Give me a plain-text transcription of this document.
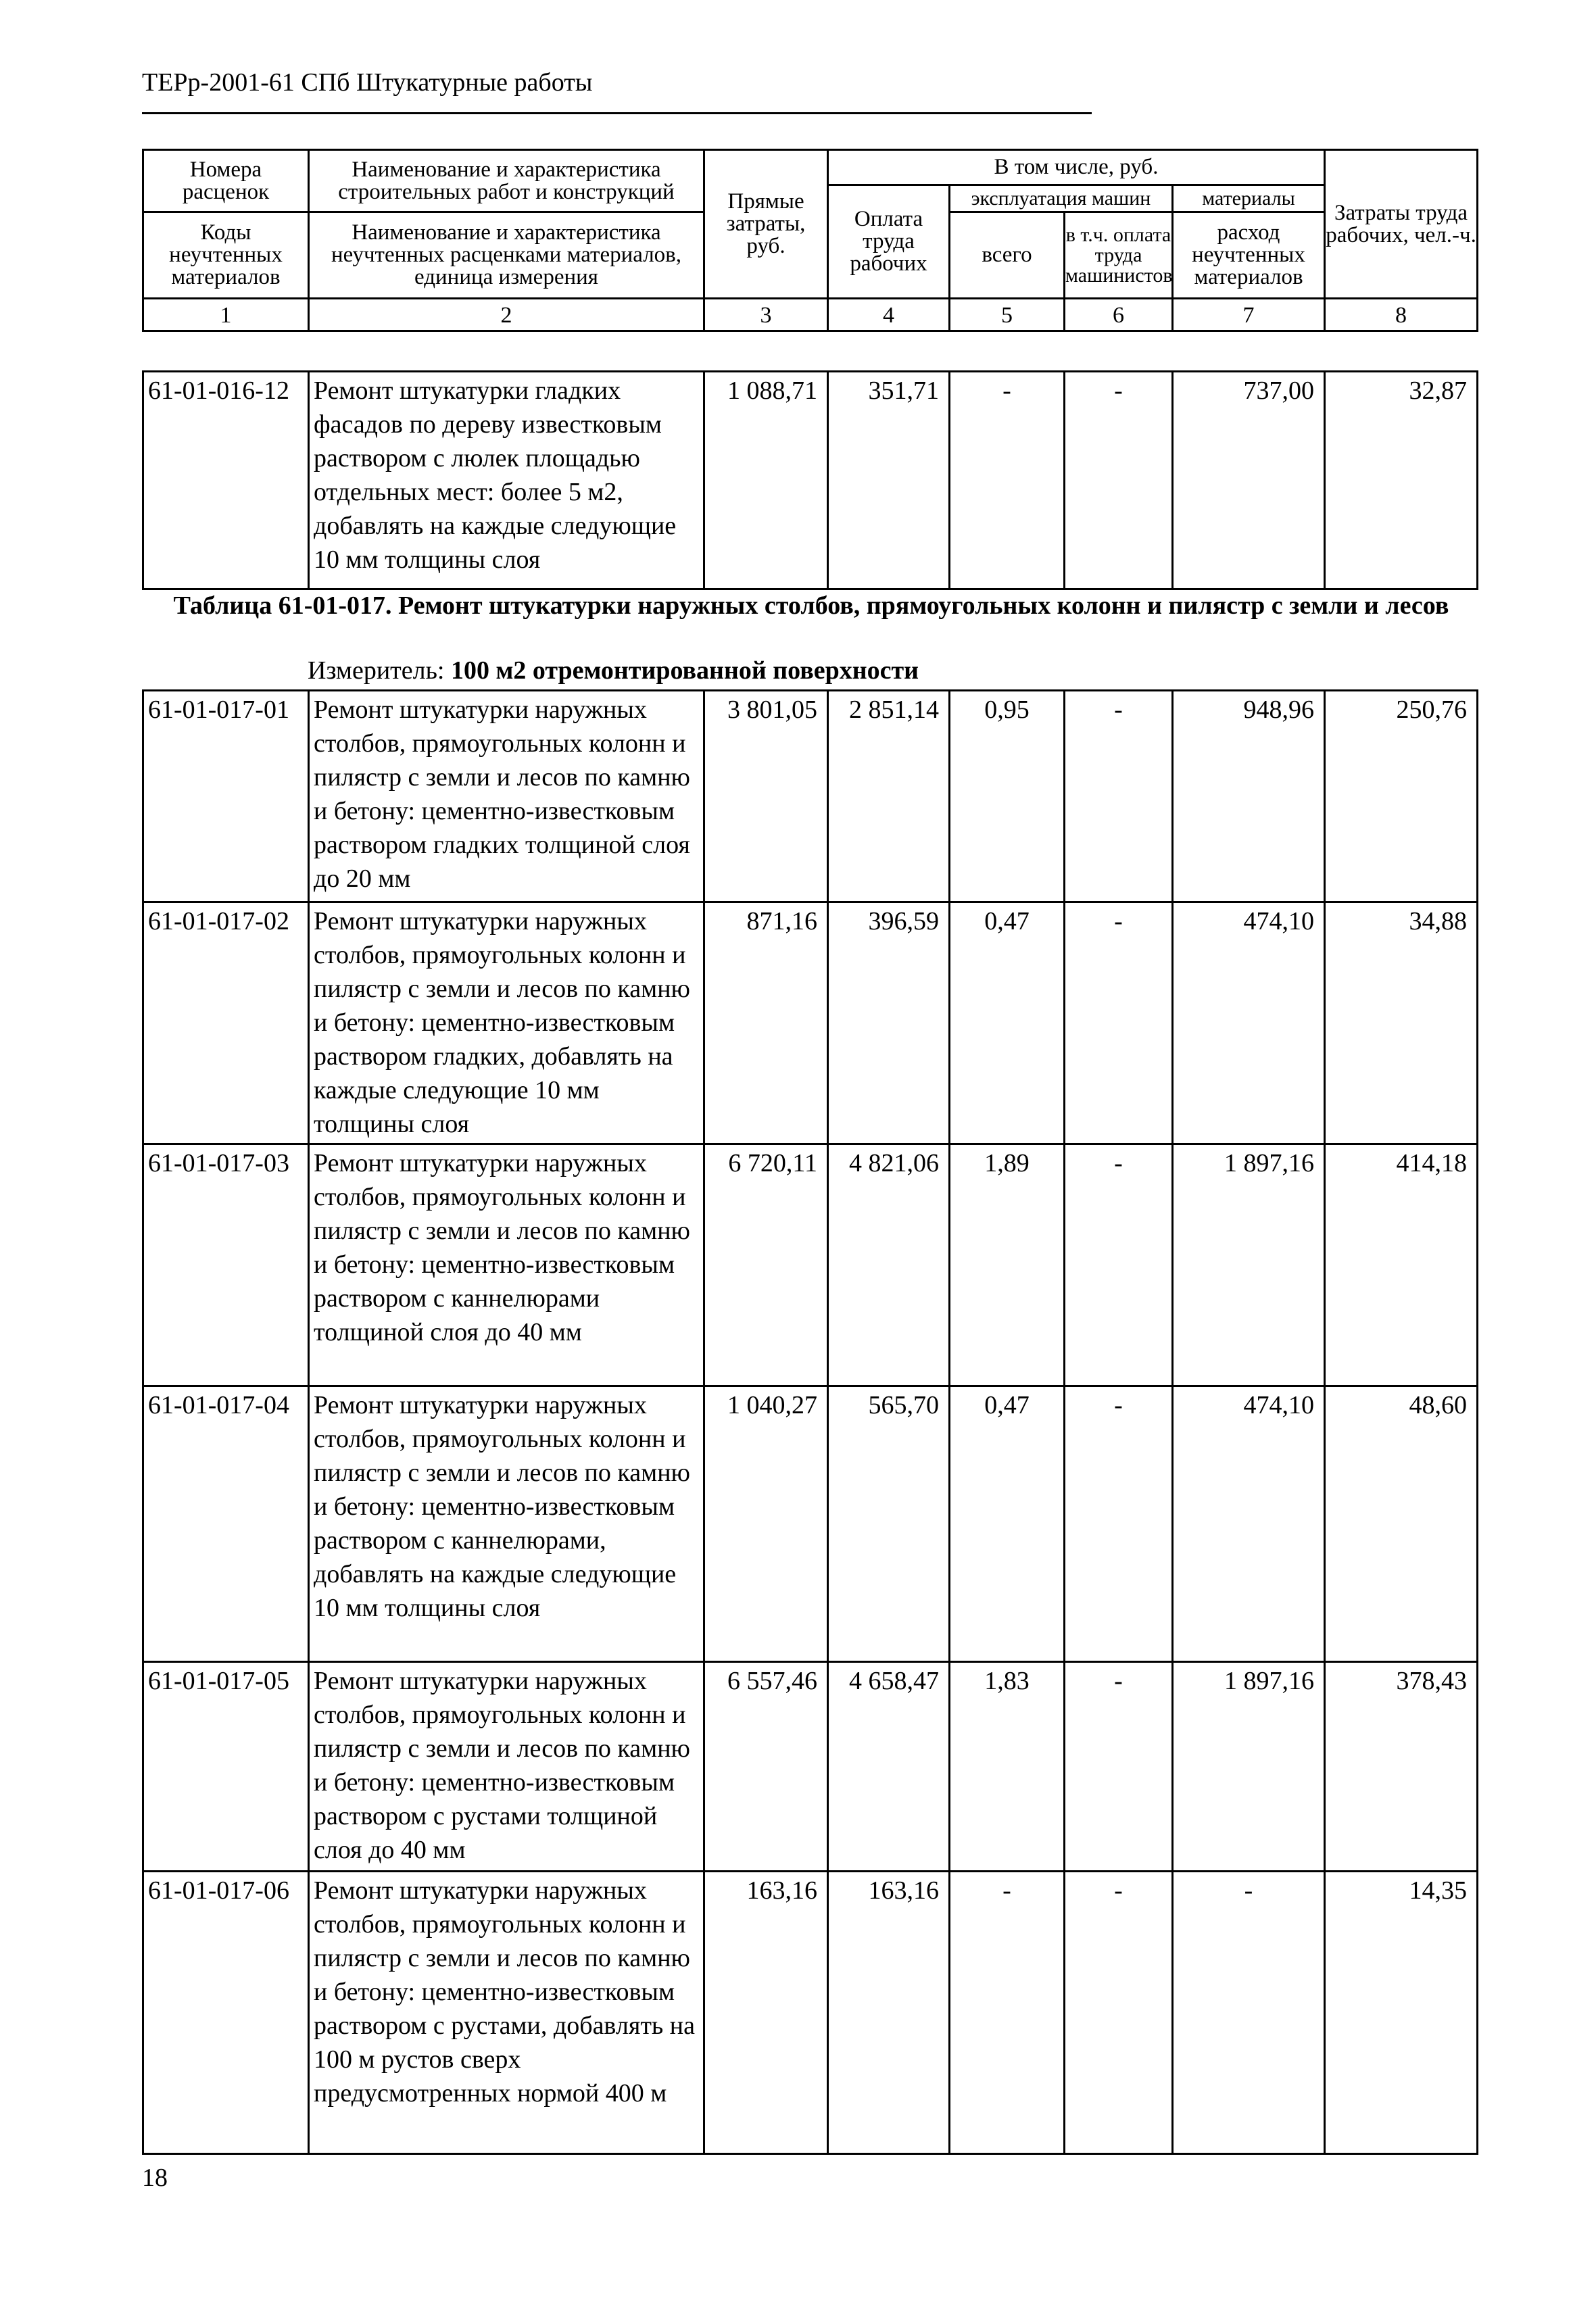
ТЕРр-2001-61 СПб Штукатурные работы
Номера расценок	Наименование и характеристика строительных работ и конструкций	Прямые затраты, руб.	В том числе, руб.				Затраты труда рабочих, чел.-ч.
			Оплата труда рабочих	эксплуатация машин		материалы	
Коды неучтенных материалов	Наименование и характеристика неучтенных расценками материалов, единица измерения			всего	в т.ч. оплата труда машинистов	расход неучтенных материалов	

1	2	3	4	5	6	7	8
61-01-016-12	Ремонт штукатурки гладких фасадов по дереву известковым раствором с люлек площадью отдельных мест: более 5 м2, добавлять на каждые следующие 10 мм толщины слоя	1 088,71	351,71	-	-	737,00	32,87
Таблица 61-01-017. Ремонт штукатурки наружных столбов, прямоугольных колонн и пилястр с земли и лесов
Измеритель: 100 м2 отремонтированной поверхности
61-01-017-01	Ремонт штукатурки наружных столбов, прямоугольных колонн и пилястр с земли и лесов по камню и бетону: цементно-известковым раствором гладких толщиной слоя до 20 мм	3 801,05	2 851,14	0,95	-	948,96	250,76
61-01-017-02	Ремонт штукатурки наружных столбов, прямоугольных колонн и пилястр с земли и лесов по камню и бетону: цементно-известковым раствором гладких, добавлять на каждые следующие 10 мм толщины слоя	871,16	396,59	0,47	-	474,10	34,88
61-01-017-03	Ремонт штукатурки наружных столбов, прямоугольных колонн и пилястр с земли и лесов по камню и бетону: цементно-известковым раствором с каннелюрами толщиной слоя до 40 мм	6 720,11	4 821,06	1,89	-	1 897,16	414,18
61-01-017-04	Ремонт штукатурки наружных столбов, прямоугольных колонн и пилястр с земли и лесов по камню и бетону: цементно-известковым раствором с каннелюрами, добавлять на каждые следующие 10 мм толщины слоя	1 040,27	565,70	0,47	-	474,10	48,60
61-01-017-05	Ремонт штукатурки наружных столбов, прямоугольных колонн и пилястр с земли и лесов по камню и бетону: цементно-известковым раствором с рустами толщиной слоя до 40 мм	6 557,46	4 658,47	1,83	-	1 897,16	378,43
61-01-017-06	Ремонт штукатурки наружных столбов, прямоугольных колонн и пилястр с земли и лесов по камню и бетону: цементно-известковым раствором с рустами, добавлять на 100 м рустов сверх предусмотренных нормой 400 м	163,16	163,16	-	-	-	14,35
18
